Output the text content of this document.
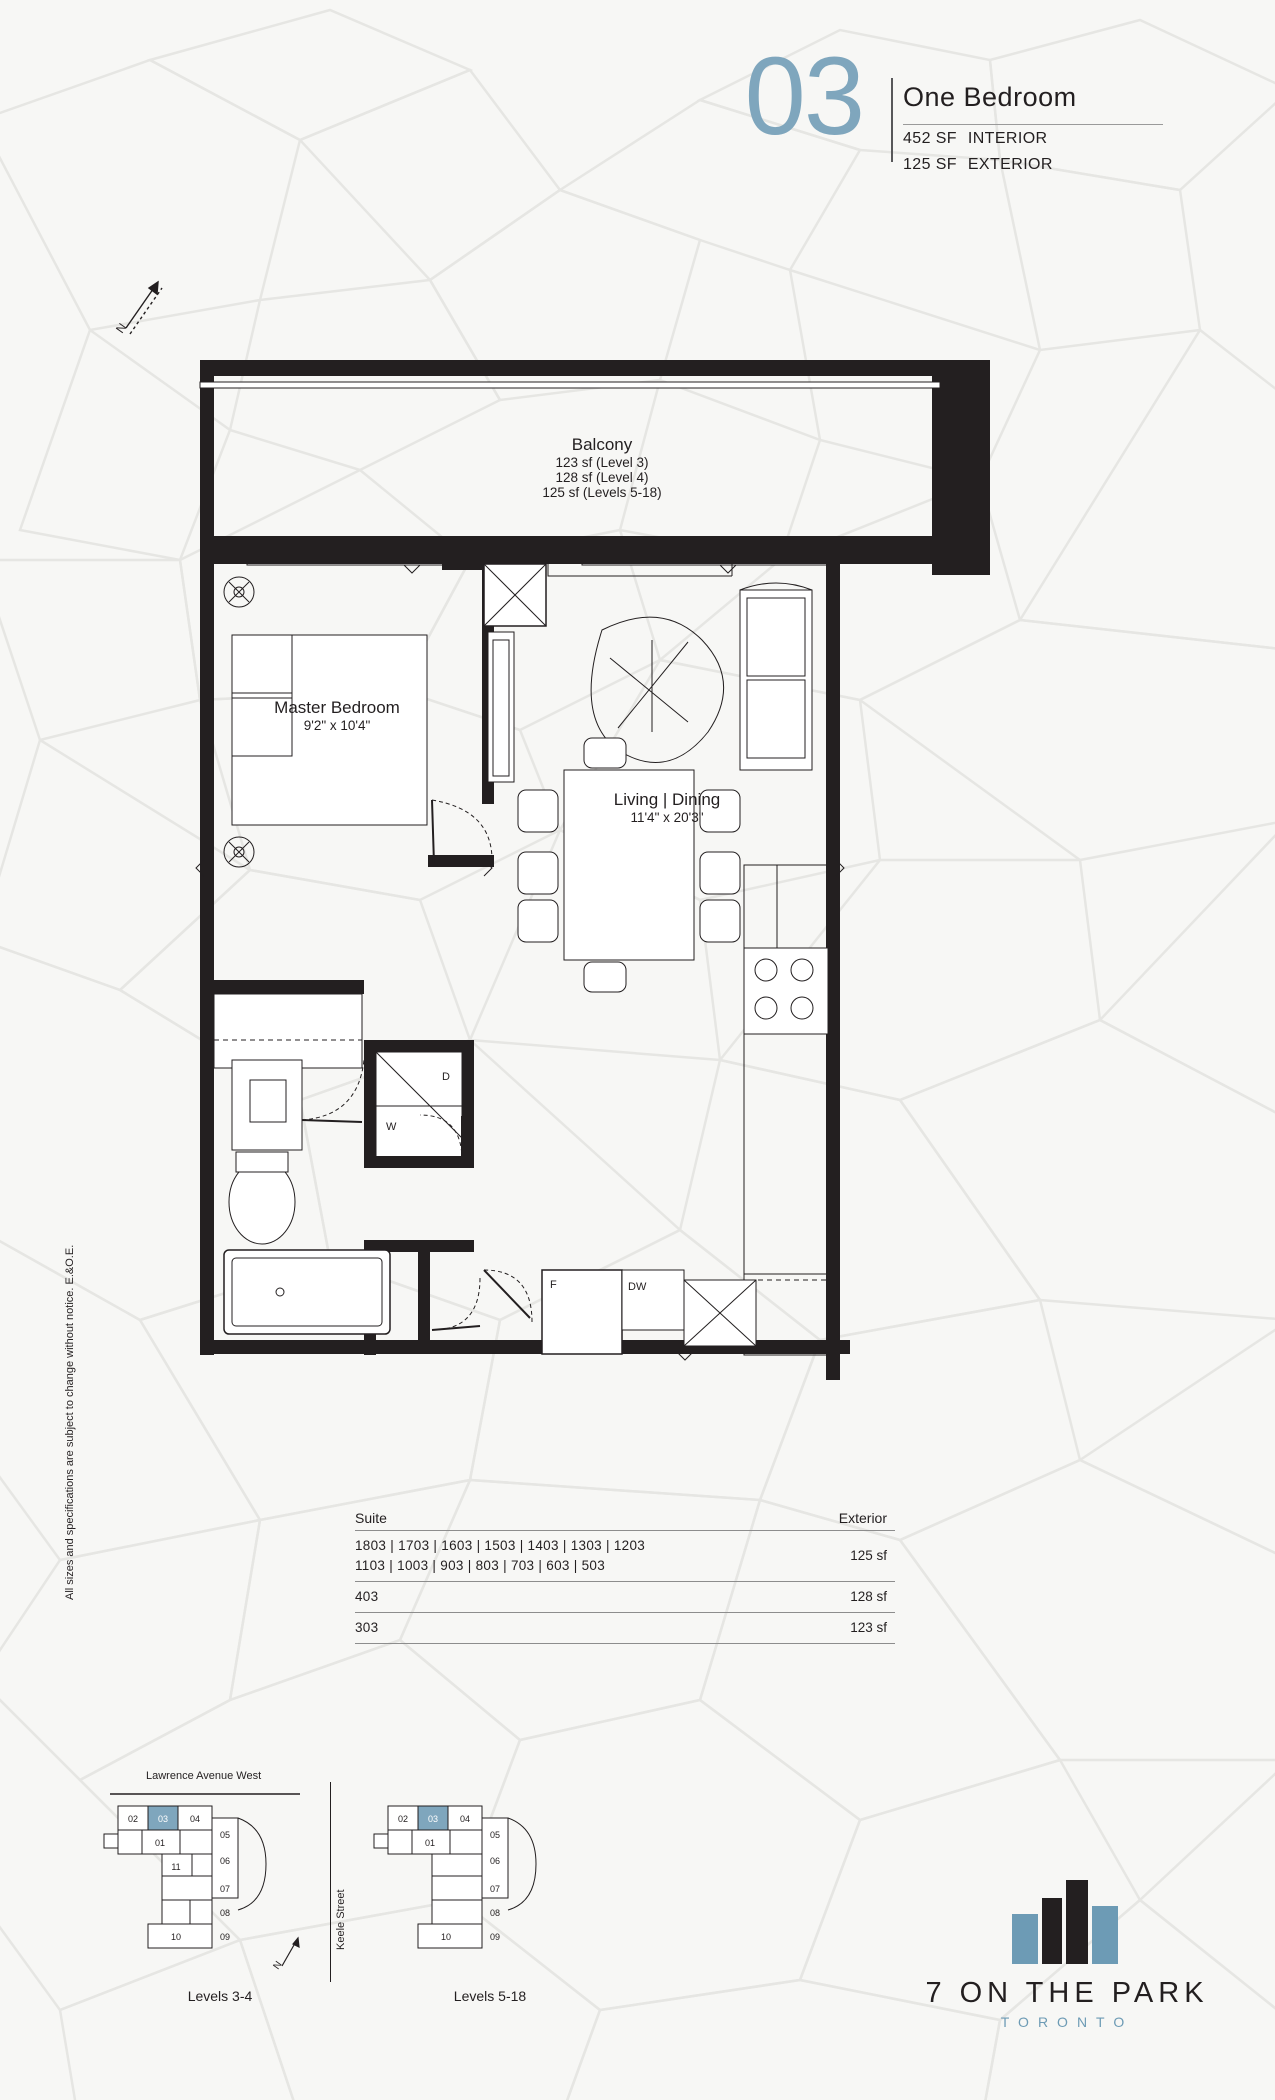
03 One Bedroom
452 SF INTERIOR
125 SF EXTERIOR
D
W
F	DW
N
Balcony
123 sf (Level 3)
128 sf (Level 4)
125 sf (Levels 5-18)
Master Bedroom
9'2" x 10'4"
Living | Dining
11'4" x 20'3"
Suite	Exterior
1803 | 1703 | 1603 | 1503 | 1403 | 1303 | 1203
1103 | 1003 | 903 | 803 | 703 | 603 | 503
125 sf
403	128 sf
303	123 sf
Lawrence Avenue West
02 03 04
05
06
01
11
07
08
10	09
N
Levels 3-4
Keele Street
02 03 04
05
06
01
07
08
10	09
Levels 5-18
All sizes and specifications are subject to change without notice. E.&O.E.
7 ON THE PARK
TORONTO
